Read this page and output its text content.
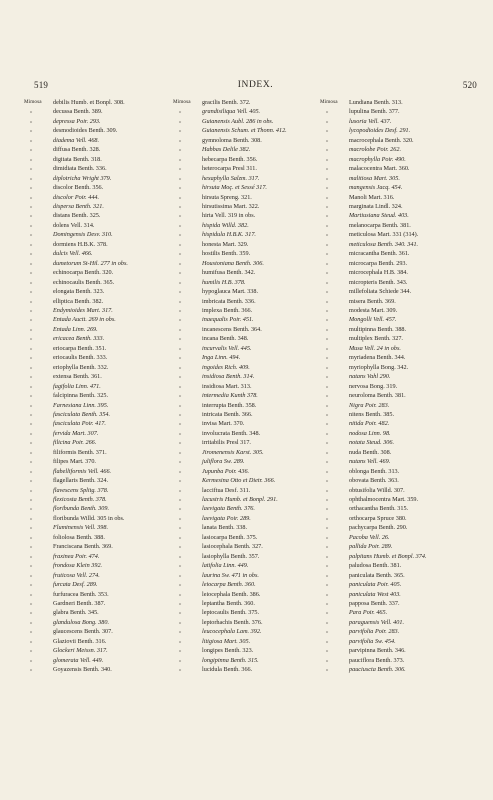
519	INDEX.	520
Mimosa	debilis Humb. et Bonpl. 308.
„	decussa Benth. 389.
„	depressa Poir. 293.
„	desmodioides Benth. 309.
„	diadema Vell. 468.
„	diffusa Benth. 328.
„	digitata Benth. 318.
„	dimidiata Benth. 336.
„	diplotricha Wright 379.
„	discolor Benth. 356.
„	discolor Poir. 444.
„	dispersa Benth. 321.
„	distans Benth. 325.
„	dolens Vell. 314.
„	Domingensis Desv. 310.
„	dormiens H.B.K. 378.
„	dulcis Vell. 466.
„	dumetorum St-Hil. 277 in obs.
„	echinocarpa Benth. 320.
„	echinocaulis Benth. 365.
„	elongata Benth. 323.
„	elliptica Benth. 382.
„	Endymioides Mart. 317.
„	Entada Auctt. 269 in obs.
„	Entada Linn. 269.
„	ericacea Benth. 333.
„	eriocarpa Benth. 351.
„	eriocaulis Benth. 333.
„	eriophylla Benth. 332.
„	extensa Benth. 361.
„	fagifolia Linn. 471.
„	falcipinna Benth. 325.
„	Farnesiana Linn. 395.
„	fasciculata Benth. 354.
„	fasciculata Poir. 417.
„	fervida Mart. 307.
„	filicina Poir. 266.
„	filiformis Benth. 371.
„	filipes Mart. 370.
„	flabelliformis Vell. 466.
„	flagellaris Benth. 324.
„	flavescens Splitg. 378.
„	flexicosta Benth. 378.
„	floribunda Benth. 309.
„	floribunda Willd. 305 in obs.
„	Fluminensis Vell. 398.
„	foliolosa Benth. 388.
„	Franciscana Benth. 369.
„	fraxinea Poir. 474.
„	frondosa Klein 392.
„	fruticosa Vell. 274.
„	furcata Desf. 289.
„	furfuracea Benth. 353.
„	Gardneri Benth. 387.
„	glabra Benth. 345.
„	glandulosa Bong. 380.
„	glaucescens Benth. 307.
„	Glaziovii Benth. 316.
„	Glockeri Meissn. 317.
„	glomerata Vell. 449.
„	Goyazensis Benth. 340.
Mimosa	gracilis Benth. 372.
„	grandisiliqua Vell. 405.
„	Guianensis Aubl. 286 in obs.
„	Guianensis Schum. et Thonn. 412.
„	gymnoloma Benth. 308.
„	Habbas Delile 382.
„	hebecarpa Benth. 356.
„	heterocarpa Presl 311.
„	hexaphylla Salzm. 317.
„	hirsuta Moç. et Sessé 317.
„	hirsuta Spreng. 321.
„	hirsutissima Mart. 322.
„	hirta Vell. 319 in obs.
„	hispida Willd. 382.
„	hispidula H.B.K. 317.
„	honesta Mart. 329.
„	hostilis Benth. 359.
„	Houstoniana Benth. 306.
„	humifusa Benth. 342.
„	humilis H.B. 378.
„	hypoglauca Mart. 338.
„	imbricata Benth. 336.
„	implexa Benth. 366.
„	inaequalis Poir. 451.
„	incanescens Benth. 364.
„	incana Benth. 348.
„	incurvalis Vell. 445.
„	Inga Linn. 494.
„	ingoides Rich. 409.
„	insidiosa Benth. 314.
„	insidiosa Mart. 313.
„	intermedia Kunth 378.
„	interrupta Benth. 358.
„	intricata Benth. 366.
„	invisa Mart. 370.
„	involucrata Benth. 348.
„	irritabilis Presl 317.
„	Jiromenensis Karst. 305.
„	juliflora Sw. 289.
„	Jupunba Poir. 436.
„	Kermesina Otto et Dietr. 366.
„	lacciftua Desf. 311.
„	lacustris Humb. et Bonpl. 291.
„	laevigata Benth. 376.
„	laevigata Poir. 289.
„	lanata Benth. 338.
„	lasiocarpa Benth. 375.
„	lasiocephala Benth. 327.
„	lasiophylla Benth. 357.
„	latifolia Linn. 449.
„	laurina Sw. 471 in obs.
„	leiocarpa Benth. 360.
„	leiocephala Benth. 386.
„	leptantha Benth. 360.
„	leptocaulis Benth. 375.
„	leptorhachis Benth. 376.
„	leucocephala Lam. 392.
„	litigiosa Mart. 305.
„	longipes Benth. 323.
„	longipinna Benth. 315.
„	lucidula Benth. 366.
Mimosa	Lundiana Benth. 313.
„	lupulina Benth. 377.
„	lusoria Vell. 437.
„	lycopodioides Desf. 291.
„	macrocephala Benth. 320.
„	macrolobe Poir. 262.
„	macrophylla Poir. 490.
„	malacocentra Mart. 360.
„	malitiosa Mart. 305.
„	mangensis Jacq. 454.
„	Manoli Mart. 316.
„	marginata Lindl. 324.
„	Martiusiana Steud. 403.
„	melanocarpa Benth. 381.
„	meticulosa Mart. 331 (314).
„	meticulosa Benth. 340. 341.
„	micracantha Benth. 361.
„	microcarpa Benth. 293.
„	microcephala H.B. 384.
„	micropteris Benth. 343.
„	millefoliata Schiede 344.
„	misera Benth. 369.
„	modesta Mart. 309.
„	Mongolli Vell. 457.
„	multipinna Benth. 388.
„	multiplex Benth. 327.
„	Musa Vell. 24 in obs.
„	myriadena Benth. 344.
„	myriophylla Bong. 342.
„	natans Vahl 290.
„	nervosa Bong. 319.
„	neuroloma Benth. 381.
„	Nigra Poir. 283.
„	nitens Benth. 385.
„	nitida Poir. 482.
„	nodosa Linn. 98.
„	notata Steud. 306.
„	nuda Benth. 308.
„	nutans Vell. 469.
„	oblonga Benth. 313.
„	obovata Benth. 363.
„	obtusifolia Willd. 307.
„	ophthalmocentra Mart. 359.
„	orthacantha Benth. 315.
„	orthocarpa Spruce 380.
„	pachycarpa Benth. 290.
„	Pacoba Vell. 26.
„	pallida Poir. 289.
„	palpitans Humb. et Bonpl. 374.
„	paludosa Benth. 381.
„	paniculata Benth. 365.
„	paniculata Poir. 405.
„	paniculata West 403.
„	papposa Benth. 337.
„	Para Poir. 465.
„	paraguensis Vell. 401.
„	parvifolia Poir. 283.
„	parvifolia Sw. 454.
„	parvipinna Benth. 346.
„	pauciflora Benth. 373.
„	pauciuscta Benth. 306.
